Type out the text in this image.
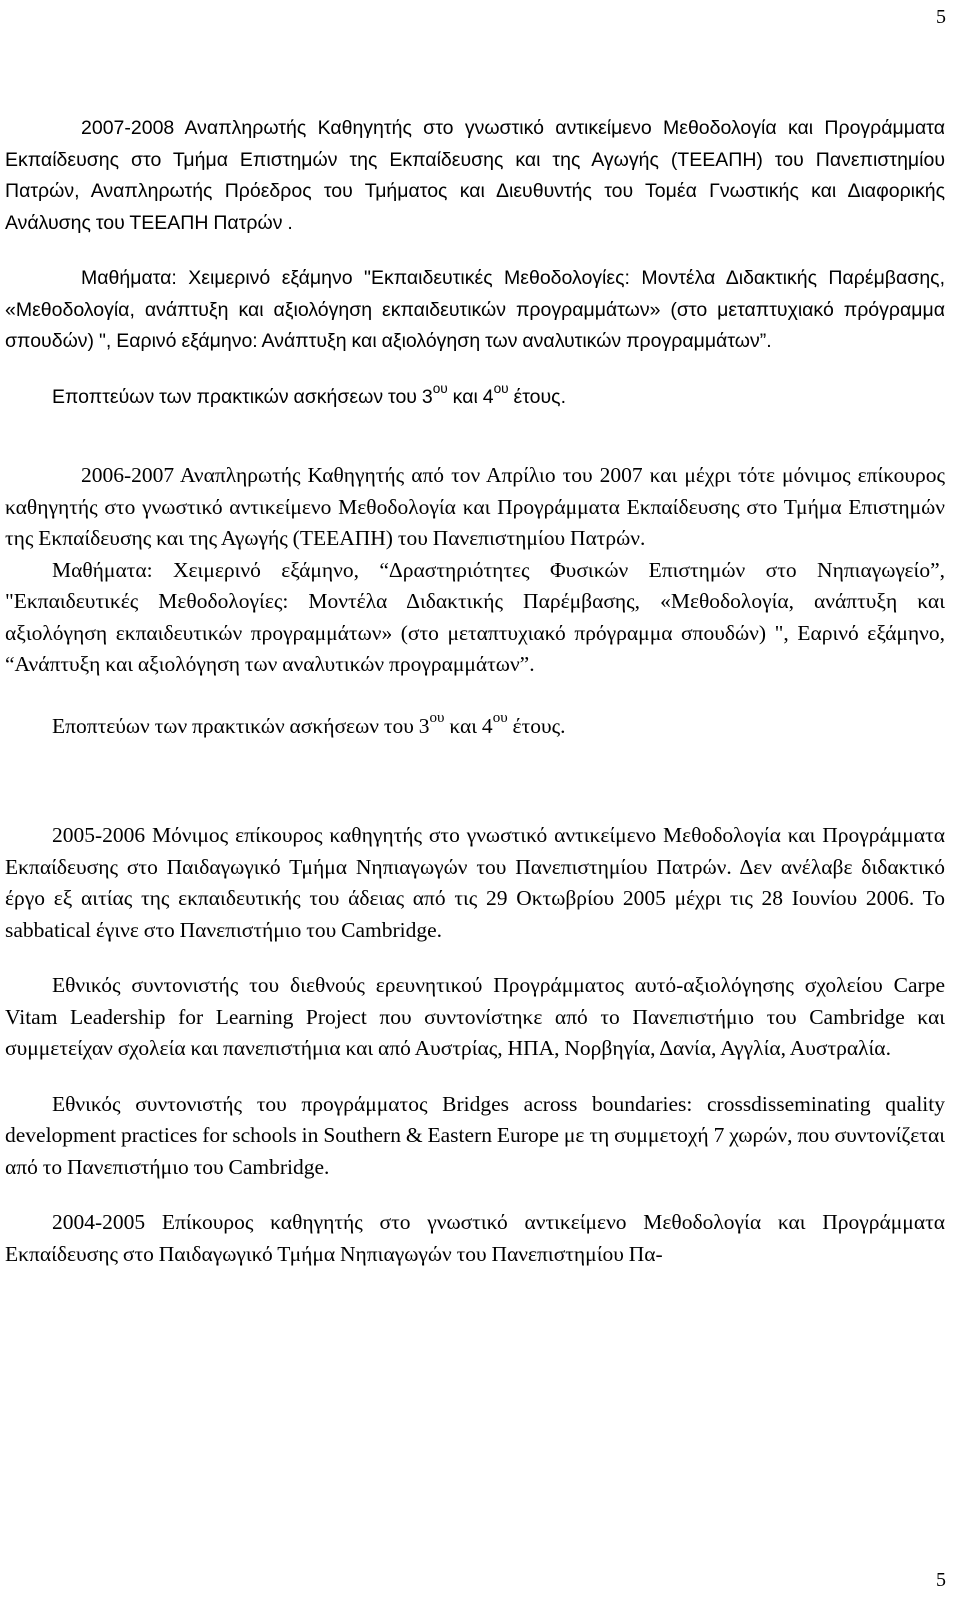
5

2007-2008 Αναπληρωτής Καθηγητής στο γνωστικό αντικείμενο Μεθοδολογία και Προγράμματα Εκπαίδευσης στο Τμήμα Επιστημών της Εκπαίδευσης και της Αγωγής (ΤΕΕΑΠΗ) του Πανεπιστημίου Πατρών, Αναπληρωτής Πρόεδρος του Τμήματος και Διευθυντής του Τομέα Γνωστικής και Διαφορικής Ανάλυσης του ΤΕΕΑΠΗ Πατρών .

Μαθήματα: Χειμερινό εξάμηνο "Εκπαιδευτικές Μεθοδολογίες: Μοντέλα Διδακτικής Παρέμβασης, «Μεθοδολογία, ανάπτυξη και αξιολόγηση εκπαιδευτικών προγραμμάτων» (στο μεταπτυχιακό πρόγραμμα σπουδών) ", Εαρινό εξάμηνο: Ανάπτυξη και αξιολόγηση των αναλυτικών προγραμμάτων”.

Εποπτεύων των πρακτικών ασκήσεων του $3^{o\upsilon}$ και $4^{o\upsilon}$ έτους.

2006-2007 Αναπληρωτής Καθηγητής από τον Απρίλιο του 2007 και μέχρι τότε μόνιμος επίκουρος καθηγητής στο γνωστικό αντικείμενο Μεθοδολογία και Προγράμματα Εκπαίδευσης στο Τμήμα Επιστημών της Εκπαίδευσης και της Αγωγής (ΤΕΕΑΠΗ) του Πανεπιστημίου Πατρών.

Μαθήματα: Χειμερινό εξάμηνο, “Δραστηριότητες Φυσικών Επιστημών στο Νηπιαγωγείο”, "Εκπαιδευτικές Μεθοδολογίες: Μοντέλα Διδακτικής Παρέμβασης, «Μεθοδολογία, ανάπτυξη και αξιολόγηση εκπαιδευτικών προγραμμάτων» (στο μεταπτυχιακό πρόγραμμα σπουδών) ", Εαρινό εξάμηνο, “Ανάπτυξη και αξιολόγηση των αναλυτικών προγραμμάτων”.

Εποπτεύων των πρακτικών ασκήσεων του $3^{o\upsilon}$ και $4^{o\upsilon}$ έτους.

2005-2006 Μόνιμος επίκουρος καθηγητής στο γνωστικό αντικείμενο Μεθοδολογία και Προγράμματα Εκπαίδευσης στο Παιδαγωγικό Τμήμα Νηπιαγωγών του Πανεπιστημίου Πατρών. Δεν ανέλαβε διδακτικό έργο εξ αιτίας της εκπαιδευτικής του άδειας από τις 29 Οκτωβρίου 2005 μέχρι τις 28 Ιουνίου 2006. Το sabbatical έγινε στο Πανεπιστήμιο του Cambridge.

Εθνικός συντονιστής του διεθνούς ερευνητικού Προγράμματος αυτό-αξιολόγησης σχολείου Carpe Vitam Leadership for Learning Project που συντονίστηκε από το Πανεπιστήμιο του Cambridge και συμμετείχαν σχολεία και πανεπιστήμια και από Αυστρίας, ΗΠΑ, Νορβηγία, Δανία, Αγγλία, Αυστραλία.

Εθνικός συντονιστής του προγράμματος Bridges across boundaries: crossdisseminating quality development practices for schools in Southern & Eastern Europe με τη συμμετοχή 7 χωρών, που συντονίζεται από το Πανεπιστήμιο του Cambridge.

2004-2005 Επίκουρος καθηγητής στο γνωστικό αντικείμενο Μεθοδολογία και Προγράμματα Εκπαίδευσης στο Παιδαγωγικό Τμήμα Νηπιαγωγών του Πανεπιστημίου Πα-

5
